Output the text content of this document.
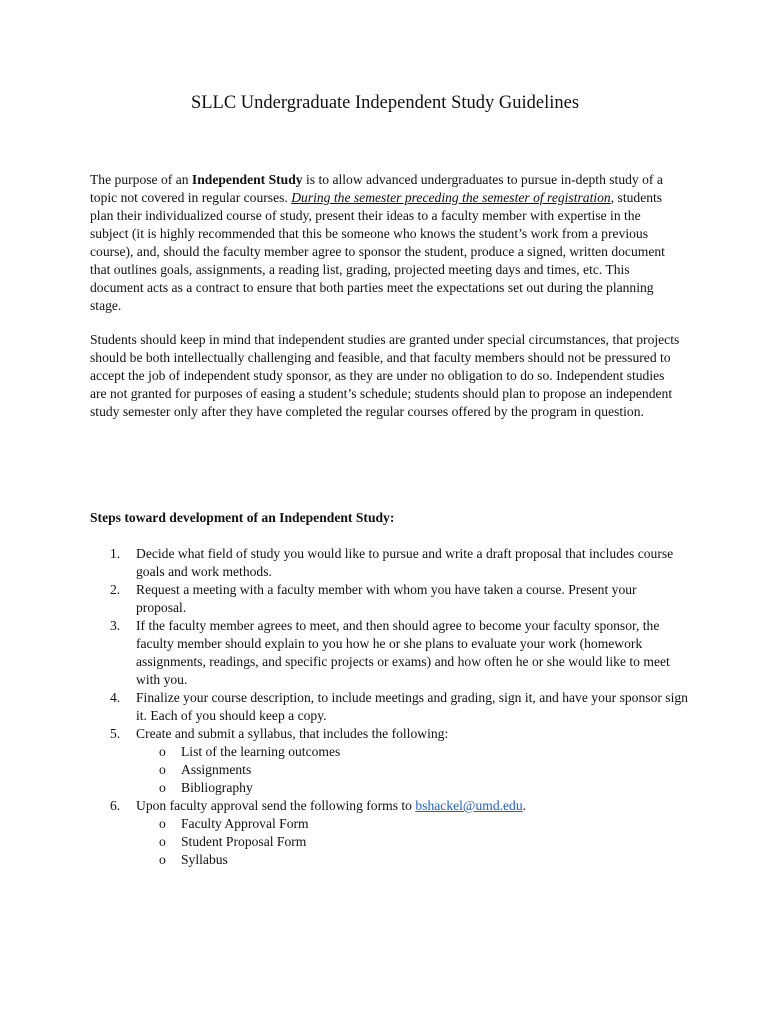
SLLC Undergraduate Independent Study Guidelines

The purpose of an Independent Study is to allow advanced undergraduates to pursue in-depth study of a topic not covered in regular courses. During the semester preceding the semester of registration, students plan their individualized course of study, present their ideas to a faculty member with expertise in the subject (it is highly recommended that this be someone who knows the student’s work from a previous course), and, should the faculty member agree to sponsor the student, produce a signed, written document that outlines goals, assignments, a reading list, grading, projected meeting days and times, etc. This document acts as a contract to ensure that both parties meet the expectations set out during the planning stage.

Students should keep in mind that independent studies are granted under special circumstances, that projects should be both intellectually challenging and feasible, and that faculty members should not be pressured to accept the job of independent study sponsor, as they are under no obligation to do so. Independent studies are not granted for purposes of easing a student’s schedule; students should plan to propose an independent study semester only after they have completed the regular courses offered by the program in question.

Steps toward development of an Independent Study:

1. Decide what field of study you would like to pursue and write a draft proposal that includes course goals and work methods.
2. Request a meeting with a faculty member with whom you have taken a course. Present your proposal.
3. If the faculty member agrees to meet, and then should agree to become your faculty sponsor, the faculty member should explain to you how he or she plans to evaluate your work (homework assignments, readings, and specific projects or exams) and how often he or she would like to meet with you.
4. Finalize your course description, to include meetings and grading, sign it, and have your sponsor sign it. Each of you should keep a copy.
5. Create and submit a syllabus, that includes the following:
o List of the learning outcomes
o Assignments
o Bibliography
6. Upon faculty approval send the following forms to bshackel@umd.edu.
o Faculty Approval Form
o Student Proposal Form
o Syllabus
